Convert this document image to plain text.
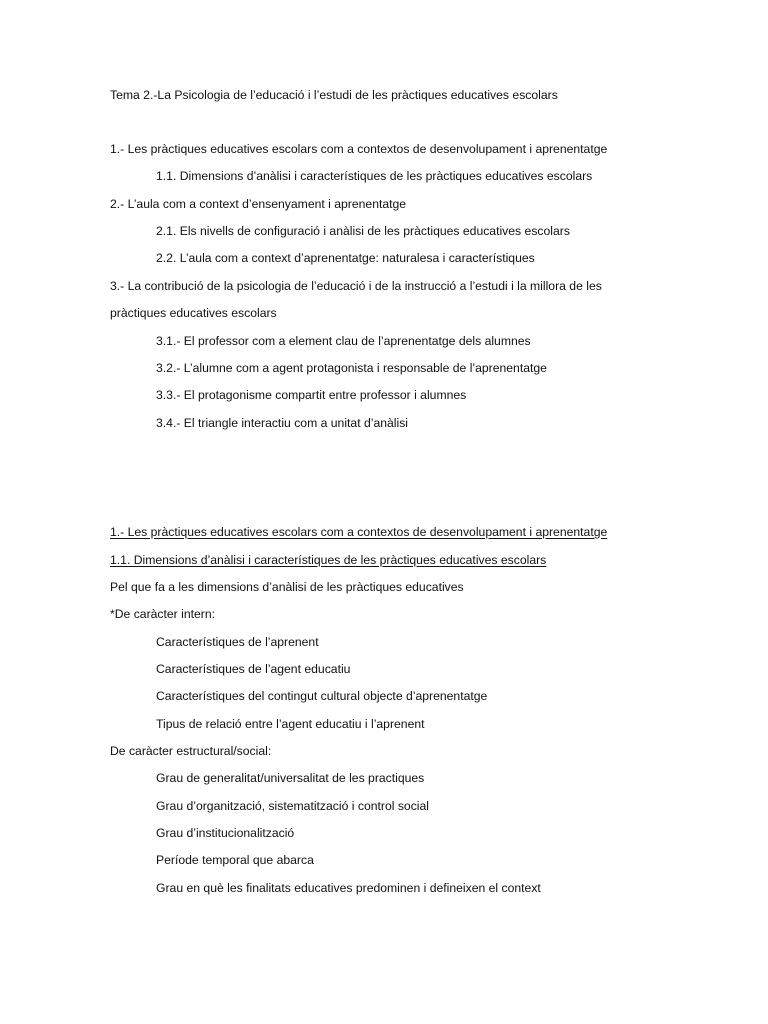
Tema 2.-La Psicologia de l’educació i l’estudi de les pràctiques educatives escolars
1.- Les pràctiques educatives escolars com a contextos de desenvolupament i aprenentatge
1.1. Dimensions d’anàlisi i característiques de les pràctiques educatives escolars
2.- L’aula com a context d’ensenyament i aprenentatge
2.1. Els nivells de configuració i anàlisi de les pràctiques educatives escolars
2.2. L’aula com a context d’aprenentatge: naturalesa i característiques
3.- La contribució de la psicologia de l’educació i de la instrucció a l’estudi i la millora de les
pràctiques educatives escolars
3.1.- El professor com a element clau de l’aprenentatge dels alumnes
3.2.- L’alumne com a agent protagonista i responsable de l’aprenentatge
3.3.- El protagonisme compartit entre professor i alumnes
3.4.- El triangle interactiu com a unitat d’anàlisi
1.- Les pràctiques educatives escolars com a contextos de desenvolupament i aprenentatge
1.1. Dimensions d’anàlisi i característiques de les pràctiques educatives escolars
Pel que fa a les dimensions d’anàlisi de les pràctiques educatives
*De caràcter intern:
Característiques de l’aprenent
Característiques de l’agent educatiu
Característiques del contingut cultural objecte d’aprenentatge
Tipus de relació entre l’agent educatiu i l’aprenent
De caràcter estructural/social:
Grau de generalitat/universalitat de les practiques
Grau d’organització, sistematització i control social
Grau d’institucionalització
Període temporal que abarca
Grau en què les finalitats educatives predominen i defineixen el context
